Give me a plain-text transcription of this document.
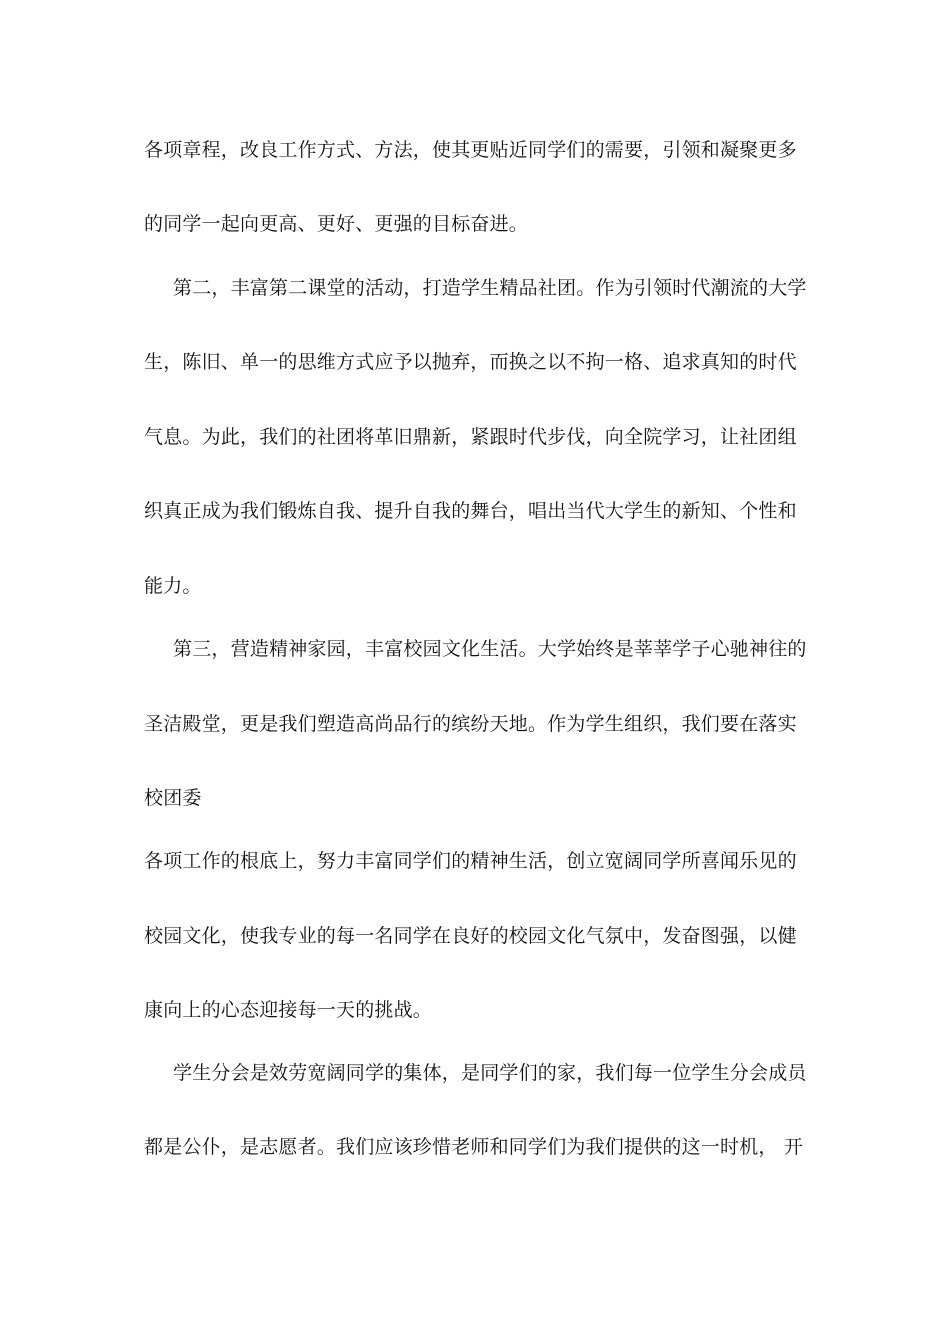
各项章程，改良工作方式、方法，使其更贴近同学们的需要，引领和凝聚更多
的同学一起向更高、更好、更强的目标奋进。
第二，丰富第二课堂的活动，打造学生精品社团。作为引领时代潮流的大学
生，陈旧、单一的思维方式应予以抛弃，而换之以不拘一格、追求真知的时代
气息。为此，我们的社团将革旧鼎新，紧跟时代步伐，向全院学习，让社团组
织真正成为我们锻炼自我、提升自我的舞台，唱出当代大学生的新知、个性和
能力。
第三，营造精神家园，丰富校园文化生活。大学始终是莘莘学子心驰神往的
圣洁殿堂，更是我们塑造高尚品行的缤纷天地。作为学生组织，我们要在落实
校团委
各项工作的根底上，努力丰富同学们的精神生活，创立宽阔同学所喜闻乐见的
校园文化，使我专业的每一名同学在良好的校园文化气氛中，发奋图强，以健
康向上的心态迎接每一天的挑战。
学生分会是效劳宽阔同学的集体，是同学们的家，我们每一位学生分会成员
都是公仆，是志愿者。我们应该珍惜老师和同学们为我们提供的这一时机， 开
